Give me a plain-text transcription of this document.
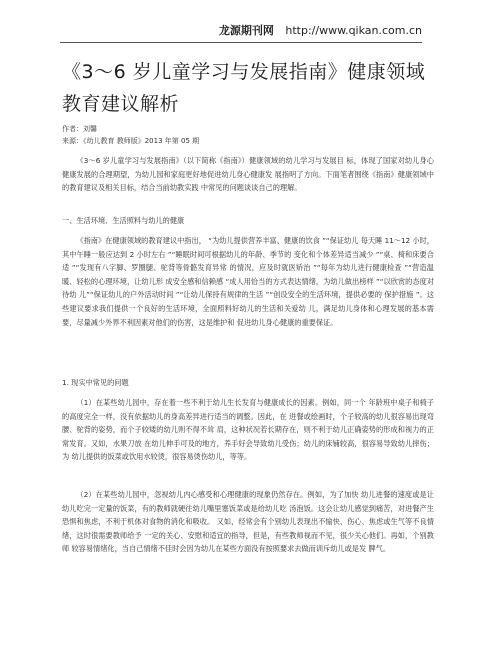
龙源期刊网 http://www.qikan.com.cn
《3～6 岁儿童学习与发展指南》健康领域
教育建议解析
作者：刘馨
来源：《幼儿教育 教师版》2013 年第 05 期

《3～6 岁儿童学习与发展指南》（以下简称《指南》）健康领域的幼儿学习与发展目 标，体现了国家对幼儿身心健康发展的合理期望，为幼儿园和家庭更好地促进幼儿身心健康发 展指明了方向。下面笔者围绕《指南》健康领域中的教育建议及相关目标，结合当前幼教实践 中常见的问题谈谈自己的理解。

一、生活环境、生活照料与幼儿的健康

《指南》在健康领域的教育建议中指出， “为幼儿提供营养丰富、健康的饮食 ”“保证幼儿 每天睡 11～12 小时，其中午睡一般应达到 2 小时左右 ”“睡眠时间可根据幼儿的年龄、季节的 变化和个体差异适当减少 ”“桌、椅和床要合适 ”“发现有八字脚、罗圈腿、驼背等骨骼发育异常 的情况，应及时就医矫治 ”“每年为幼儿进行健康检查 ”“营造温暖、轻松的心理环境，让幼儿形 成安全感和信赖感 “成人用恰当的方式表达情绪，为幼儿做出榜样 ”“以欣赏的态度对待幼 儿”“保证幼儿的户外活动时间 ”“让幼儿保持有规律的生活 ”“创设安全的生活环境，提供必要的 保护措施 ”。这些建议要求我们提供一个良好的生活环境，全面照料好幼儿的生活和关爱幼 儿，满足幼儿身体和心理发展的基本需要，尽量减少外界不利因素对他们的伤害，这是维护和 促进幼儿身心健康的重要保证。

1. 现实中常见的问题

（1）在某些幼儿园中，存在着一些不利于幼儿生长发育与健康成长的因素。例如，同一个 年龄班中桌子和椅子的高度完全一样，没有依据幼儿的身高差异进行适当的调整。因此，在 进餐或绘画时，个子较高的幼儿很容易出现弯腰、驼背的姿势，而个子较矮的幼儿则不得不耸 肩，这种状况若长期存在，则不利于幼儿正确姿势的形成和视力的正常发育。又如，水果刀放 在幼儿伸手可及的地方，养手好会导致幼儿受伤；幼儿的床铺较高，很容易导致幼儿摔伤；为 幼儿提供的饭菜或饮用水较烫，很容易烫伤幼儿，等等。

（2）在某些幼儿园中，忽视幼儿内心感受和心理健康的现象仍然存在。例如，为了加快 幼儿进餐的速度或是让幼儿吃完一定量的饭菜，有的教师就硬往幼儿嘴里塞饭菜或是给幼儿吃 汤泡饭。这会让幼儿感觉到痛苦，对进餐产生恐惧和焦虑，不利于机体对食物的消化和吸收。 又如，经常会有个别幼儿表现出不愉快、伤心、焦虑或生气等不良情绪，这时很需要教师给予 一定的关心、安慰和适宜的指导，但是，有些教师视而不见，很少关心他们。再如，个别教师 较容易情绪化，当自己情绪不佳时会因为幼儿在某些方面没有按照要求去做而训斥幼儿或是发 脾气。
